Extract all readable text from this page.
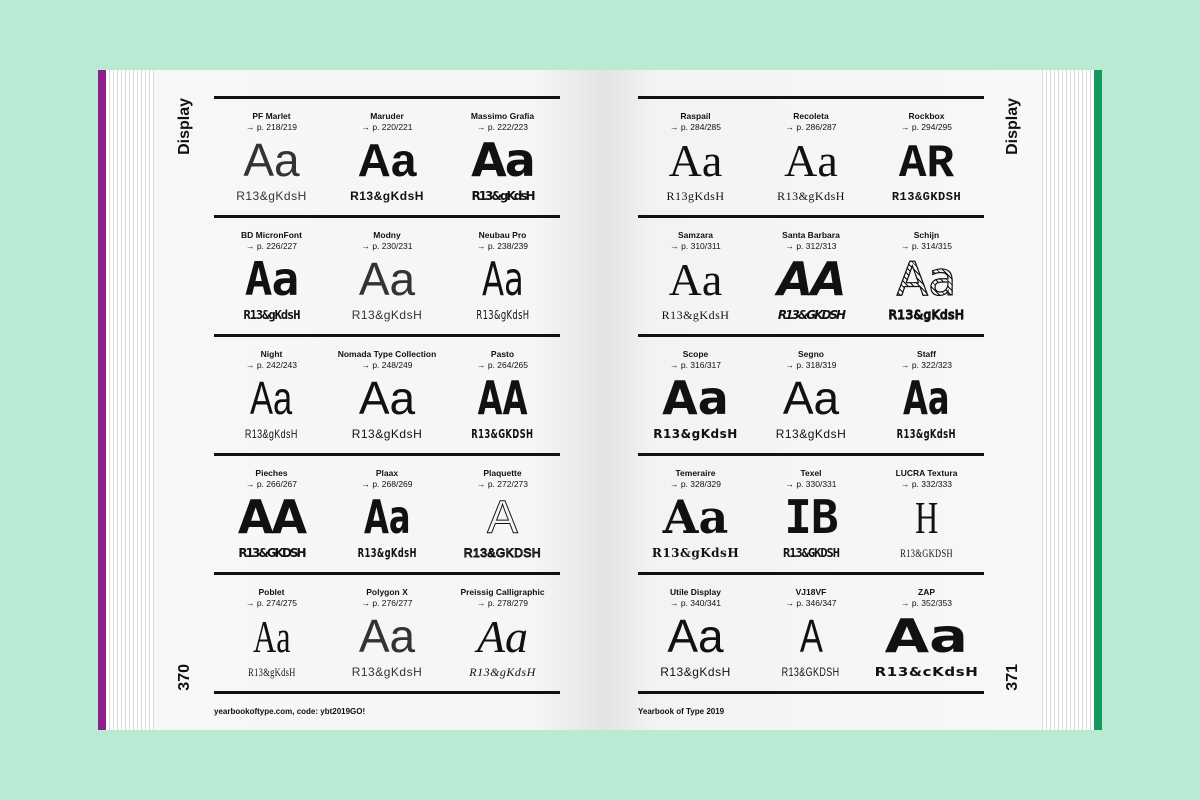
Display
370
PF Marlet
→ p. 218/219
Aa
R13&gKdsH
Maruder
→ p. 220/221
Aa
R13&gKdsH
Massimo Grafia
→ p. 222/223
Aa
R13&gKdsH
BD MicronFont
→ p. 226/227
Aa
R13&gKdsH
Modny
→ p. 230/231
Aa
R13&gKdsH
Neubau Pro
→ p. 238/239
Aa
R13&gKdsH
Night
→ p. 242/243
Aa
R13&gKdsH
Nomada Type Collection
→ p. 248/249
Aa
R13&gKdsH
Pasto
→ p. 264/265
AA
R13&GKDSH
Pieches
→ p. 266/267
AA
R13&GKDSH
Plaax
→ p. 268/269
Aa
R13&gKdsH
Plaquette
→ p. 272/273
A
R13&GKDSH
Poblet
→ p. 274/275
Aa
R13&gKdsH
Polygon X
→ p. 276/277
Aa
R13&gKdsH
Preissig Calligraphic
→ p. 278/279
Aa
R13&gKdsH
yearbookoftype.com, code: ybt2019GO!
Raspail
→ p. 284/285
Aa
R13gKdsH
Recoleta
→ p. 286/287
Aa
R13&gKdsH
Rockbox
→ p. 294/295
AR
R13&GKDSH
Samzara
→ p. 310/311
Aa
R13&gKdsH
Santa Barbara
→ p. 312/313
AA
R13&GKDSH
Schijn
→ p. 314/315
Aa
R13&gKdsH
Scope
→ p. 316/317
Aa
R13&gKdsH
Segno
→ p. 318/319
Aa
R13&gKdsH
Staff
→ p. 322/323
Aa
R13&gKdsH
Temeraire
→ p. 328/329
Aa
R13&gKdsH
Texel
→ p. 330/331
IB
R13&GKDSH
LUCRA Textura
→ p. 332/333
H
R13&GKDSH
Utile Display
→ p. 340/341
Aa
R13&gKdsH
VJ18VF
→ p. 346/347
A
R13&GKDSH
ZAP
→ p. 352/353
Aa
R13&cKdsH
Yearbook of Type 2019
Display
371
